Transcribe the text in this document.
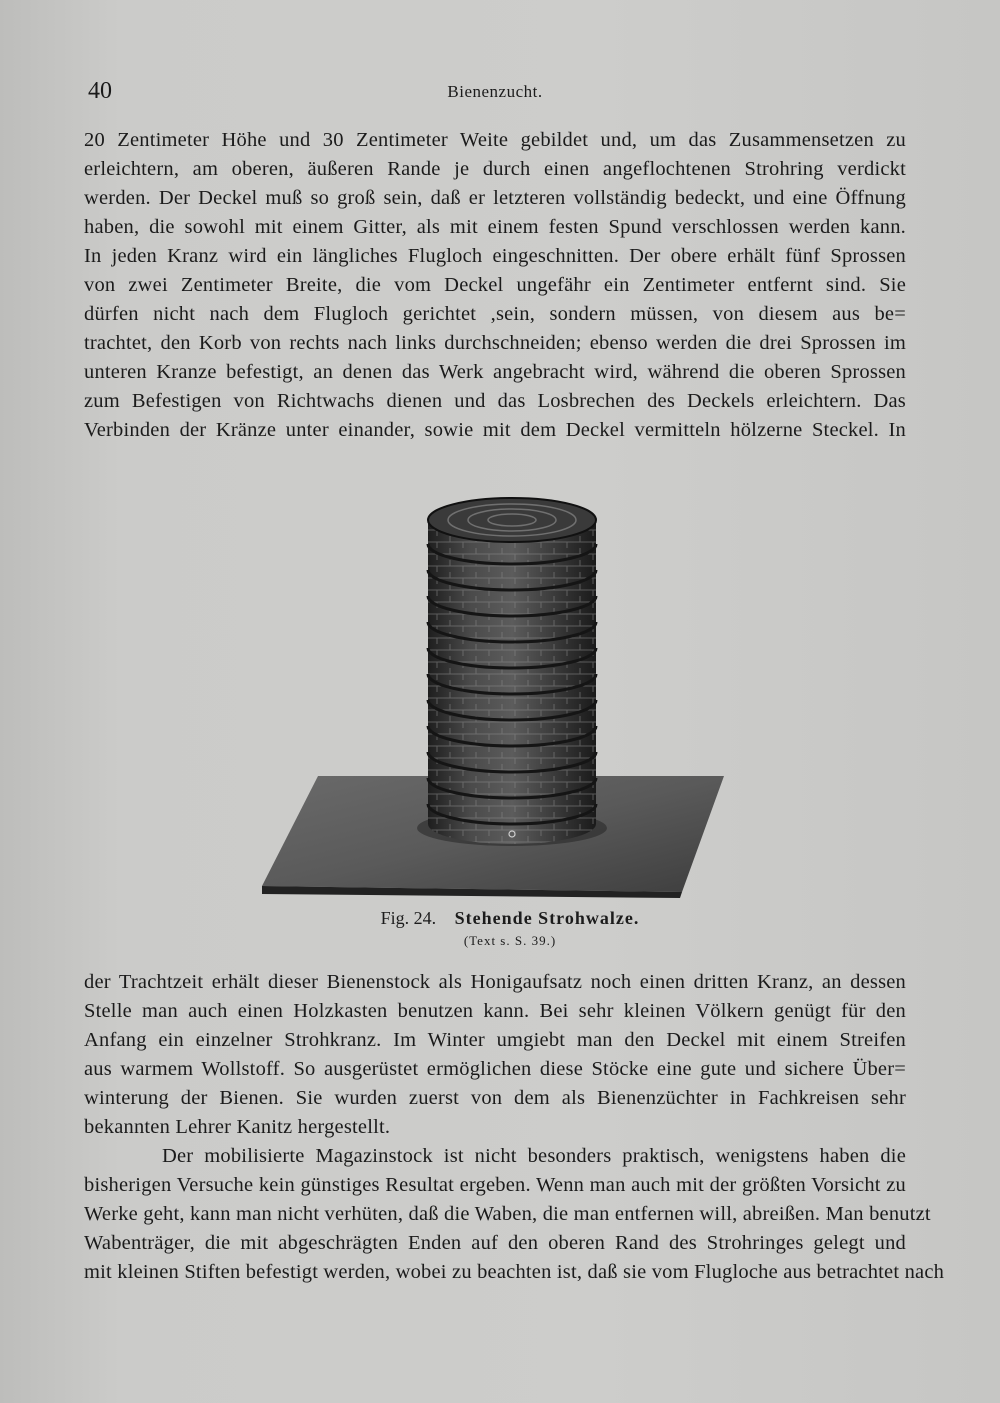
40	Bienenzucht.
20 Zentimeter Höhe und 30 Zentimeter Weite gebildet und, um das Zusammensetzen zu
erleichtern, am oberen, äußeren Rande je durch einen angeflochtenen Strohring verdickt
werden. Der Deckel muß so groß sein, daß er letzteren vollständig bedeckt, und eine Öffnung
haben, die sowohl mit einem Gitter, als mit einem festen Spund verschlossen werden kann.
In jeden Kranz wird ein längliches Flugloch eingeschnitten. Der obere erhält fünf Sprossen
von zwei Zentimeter Breite, die vom Deckel ungefähr ein Zentimeter entfernt sind. Sie
dürfen nicht nach dem Flugloch gerichtet ,sein, sondern müssen, von diesem aus be=
trachtet, den Korb von rechts nach links durchschneiden; ebenso werden die drei Sprossen im
unteren Kranze befestigt, an denen das Werk angebracht wird, während die oberen Sprossen
zum Befestigen von Richtwachs dienen und das Losbrechen des Deckels erleichtern. Das
Verbinden der Kränze unter einander, sowie mit dem Deckel vermitteln hölzerne Steckel. In
Fig. 24. Stehende Strohwalze.
(Text s. S. 39.)
der Trachtzeit erhält dieser Bienenstock als Honigaufsatz noch einen dritten Kranz, an dessen
Stelle man auch einen Holzkasten benutzen kann. Bei sehr kleinen Völkern genügt für den
Anfang ein einzelner Strohkranz. Im Winter umgiebt man den Deckel mit einem Streifen
aus warmem Wollstoff. So ausgerüstet ermöglichen diese Stöcke eine gute und sichere Über=
winterung der Bienen. Sie wurden zuerst von dem als Bienenzüchter in Fachkreisen sehr
bekannten Lehrer Kanitz hergestellt.
Der mobilisierte Magazinstock ist nicht besonders praktisch, wenigstens haben die
bisherigen Versuche kein günstiges Resultat ergeben. Wenn man auch mit der größten Vorsicht zu
Werke geht, kann man nicht verhüten, daß die Waben, die man entfernen will, abreißen. Man benutzt
Wabenträger, die mit abgeschrägten Enden auf den oberen Rand des Strohringes gelegt und
mit kleinen Stiften befestigt werden, wobei zu beachten ist, daß sie vom Flugloche aus betrachtet nach
